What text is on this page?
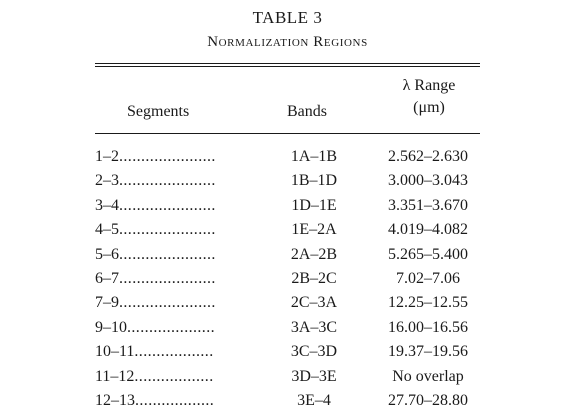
TABLE 3
Normalization Regions
Segments	Bands
λ Range
(μm)
1–2......................	1A–1B	2.562–2.630
2–3......................	1B–1D	3.000–3.043
3–4......................	1D–1E	3.351–3.670
4–5......................	1E–2A	4.019–4.082
5–6......................	2A–2B	5.265–5.400
6–7......................	2B–2C	7.02–7.06
7–9......................	2C–3A	12.25–12.55
9–10....................	3A–3C	16.00–16.56
10–11..................	3C–3D	19.37–19.56
11–12..................	3D–3E	No overlap
12–13..................	3E–4	27.70–28.80
